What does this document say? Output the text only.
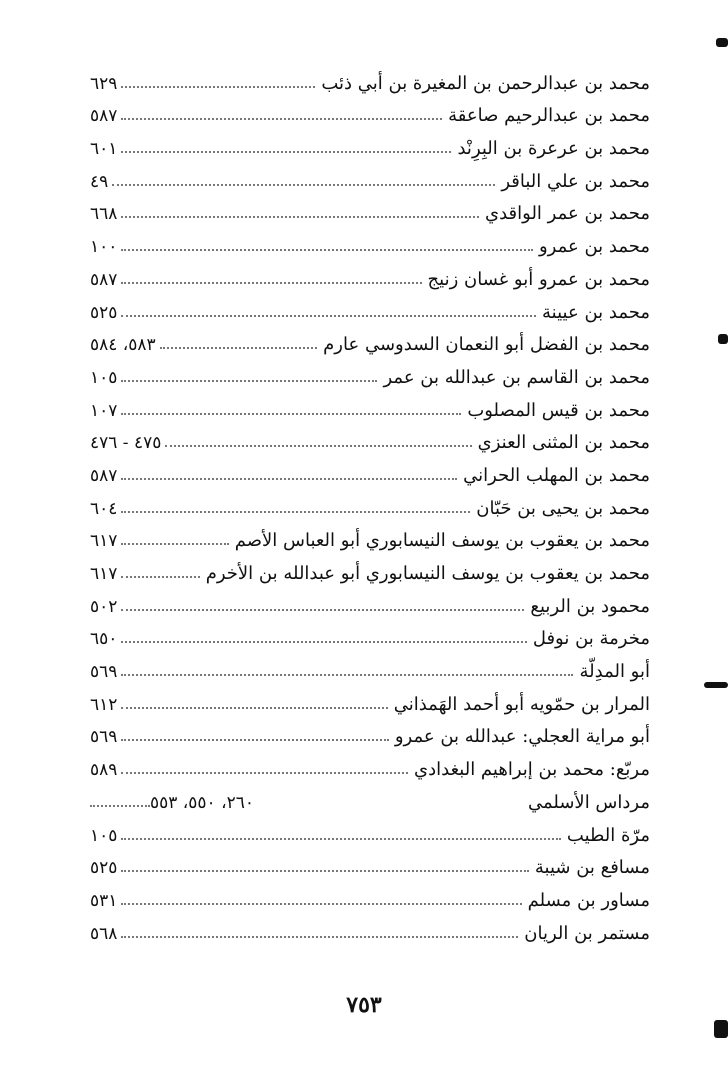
محمد بن عبدالرحمن بن المغيرة بن أبي ذئب
٦٢٩
محمد بن عبدالرحيم صاعقة
٥٨٧
محمد بن عرعرة بن البِرِنْد
٦٠١
محمد بن علي الباقر
٤٩
محمد بن عمر الواقدي
٦٦٨
محمد بن عمرو
١٠٠
محمد بن عمرو أبو غسان زنيج
٥٨٧
محمد بن عيينة
٥٢٥
محمد بن الفضل أبو النعمان السدوسي عارم
٥٨٣، ٥٨٤
محمد بن القاسم بن عبدالله بن عمر
١٠٥
محمد بن قيس المصلوب
١٠٧
محمد بن المثنى العنزي
٤٧٥ - ٤٧٦
محمد بن المهلب الحراني
٥٨٧
محمد بن يحيى بن حَبّان
٦٠٤
محمد بن يعقوب بن يوسف النيسابوري أبو العباس الأصم
٦١٧
محمد بن يعقوب بن يوسف النيسابوري أبو عبدالله بن الأخرم
٦١٧
محمود بن الربيع
٥٠٢
مخرمة بن نوفل
٦٥٠
أبو المدِلّة
٥٦٩
المرار بن حمّويه أبو أحمد الهَمذاني
٦١٢
أبو مراية العجلي: عبدالله بن عمرو
٥٦٩
مربّع: محمد بن إبراهيم البغدادي
٥٨٩
مرداس الأسلمي
٢٦٠، ٥٥٠، ٥٥٣
مرّة الطيب
١٠٥
مسافع بن شيبة
٥٢٥
مساور بن مسلم
٥٣١
مستمر بن الريان
٥٦٨
٧٥٣
